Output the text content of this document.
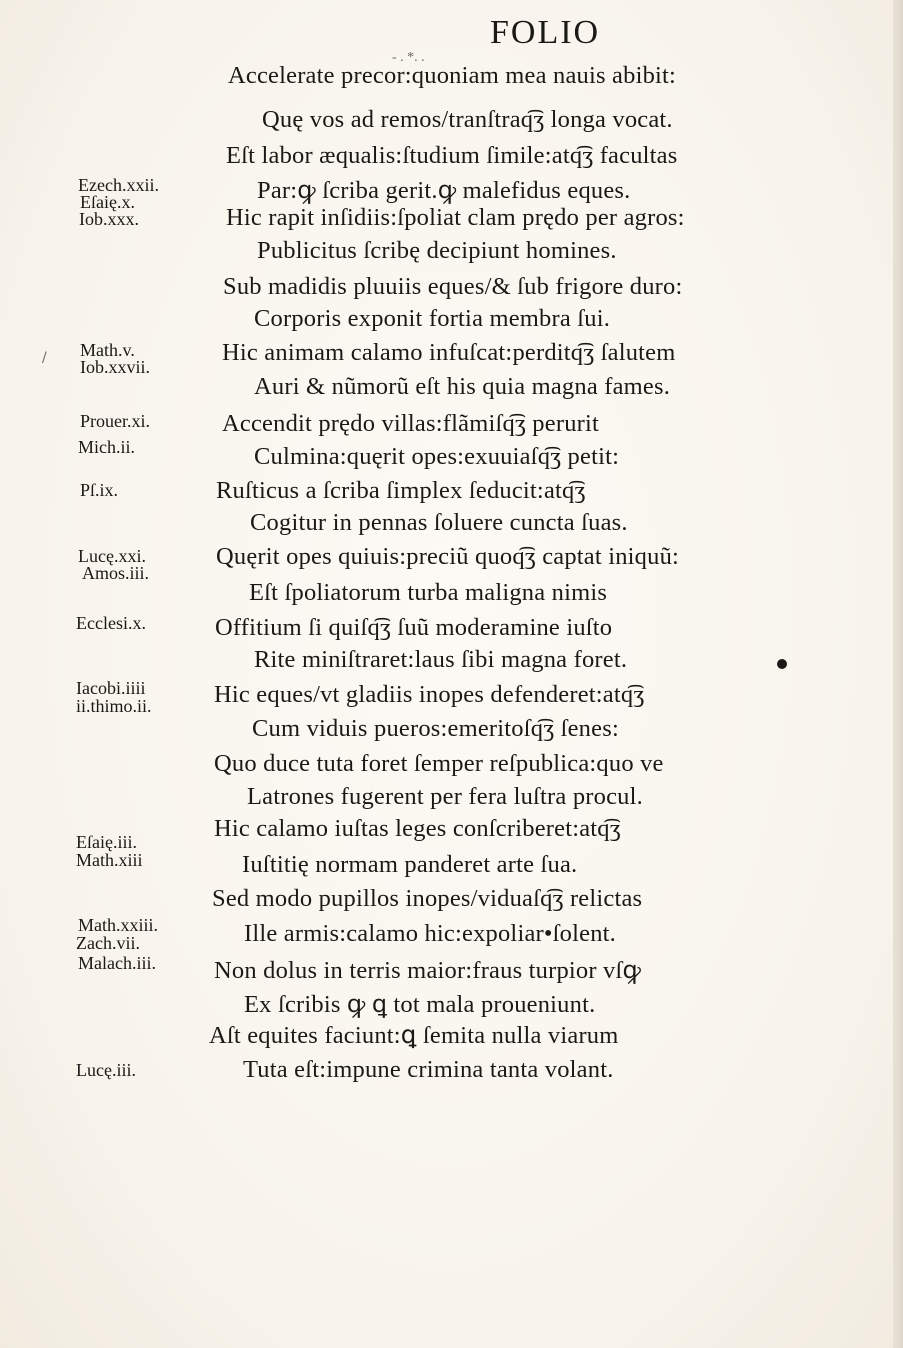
FOLIO
- . *. .
Accelerate precor:quoniam mea nauis abibit:
Quę vos ad remos/tranſtraq͡ʒ longa vocat.
Eſt labor æqualis:ſtudium ſimile:atq͡ʒ facultas
Par:ꝙ ſcriba gerit.ꝙ malefidus eques.
Hic rapit inſidiis:ſpoliat clam prędo per agros:
Publicitus ſcribę decipiunt homines.
Sub madidis pluuiis eques/& ſub frigore duro:
Corporis exponit fortia membra ſui.
Hic animam calamo infuſcat:perditq͡ʒ ſalutem
Auri & nũmorũ eſt his quia magna fames.
Accendit prędo villas:flãmiſq͡ʒ perurit
Culmina:quęrit opes:exuuiaſq͡ʒ petit:
Ruſticus a ſcriba ſimplex ſeducit:atq͡ʒ
Cogitur in pennas ſoluere cuncta ſuas.
Quęrit opes quiuis:preciũ quoq͡ʒ captat iniquũ:
Eſt ſpoliatorum turba maligna nimis
Offitium ſi quiſq͡ʒ ſuũ moderamine iuſto
Rite miniſtraret:laus ſibi magna foret.
Hic eques/vt gladiis inopes defenderet:atq͡ʒ
Cum viduis pueros:emeritoſq͡ʒ ſenes:
Quo duce tuta foret ſemper reſpublica:quo ve
Latrones fugerent per fera luſtra procul.
Hic calamo iuſtas leges conſcriberet:atq͡ʒ
Iuſtitię normam panderet arte ſua.
Sed modo pupillos inopes/viduaſq͡ʒ relictas
Ille armis:calamo hic:expoliar•ſolent.
Non dolus in terris maior:fraus turpior vſꝙ
Ex ſcribis ꝙ ꝗ tot mala proueniunt.
Aſt equites faciunt:ꝗ ſemita nulla viarum
Tuta eſt:impune crimina tanta volant.
Ezech.xxii.
Eſaię.x.
Iob.xxx.
Math.v.
Iob.xxvii.
Prouer.xi.
Mich.ii.
Pſ.ix.
Lucę.xxi.
Amos.iii.
Ecclesi.x.
Iacobi.iiii
ii.thimo.ii.
Eſaię.iii.
Math.xiii
Math.xxiii.
Zach.vii.
Malach.iii.
Lucę.iii.
/
